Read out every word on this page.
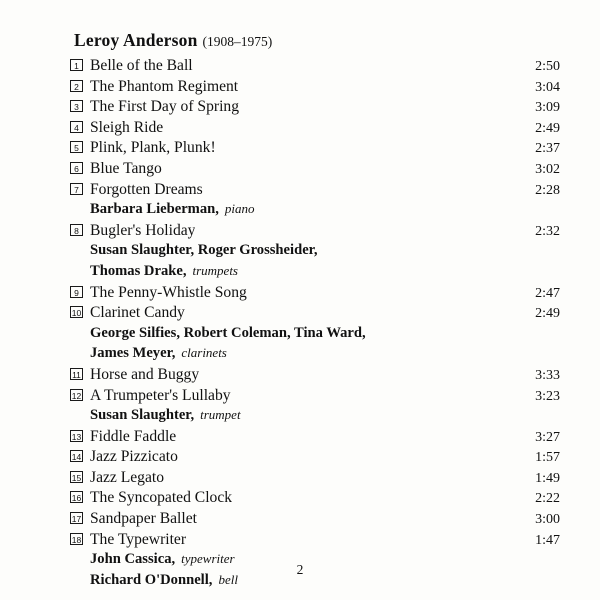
Leroy Anderson (1908–1975)
1 Belle of the Ball	2:50
2 The Phantom Regiment	3:04
3 The First Day of Spring	3:09
4 Sleigh Ride	2:49
5 Plink, Plank, Plunk!	2:37
6 Blue Tango	3:02
7 Forgotten Dreams	2:28
Barbara Lieberman, piano
8 Bugler's Holiday	2:32
Susan Slaughter, Roger Grossheider,
Thomas Drake, trumpets
9 The Penny-Whistle Song	2:47
10 Clarinet Candy	2:49
George Silfies, Robert Coleman, Tina Ward,
James Meyer, clarinets
11 Horse and Buggy	3:33
12 A Trumpeter's Lullaby	3:23
Susan Slaughter, trumpet
13 Fiddle Faddle	3:27
14 Jazz Pizzicato	1:57
15 Jazz Legato	1:49
16 The Syncopated Clock	2:22
17 Sandpaper Ballet	3:00
18 The Typewriter	1:47
John Cassica, typewriter
Richard O'Donnell, bell
2
